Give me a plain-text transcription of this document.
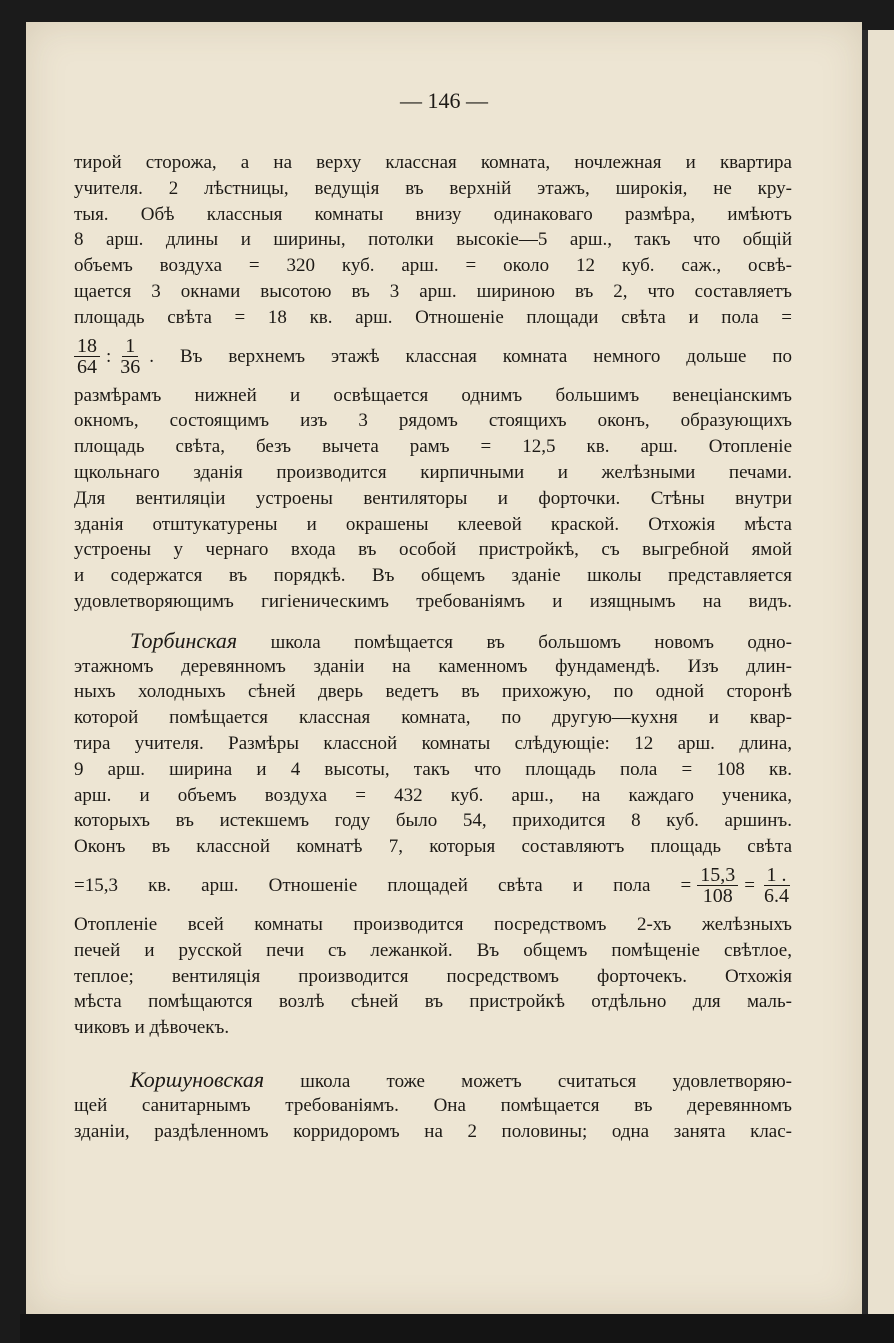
— 146 —
тирой сторожа, а на верху классная комната, ночлежная и квартира
учителя. 2 лѣстницы, ведущія въ верхній этажъ, широкія, не кру-
тыя. Обѣ классныя комнаты внизу одинаковаго размѣра, имѣютъ
8 арш. длины и ширины, потолки высокіе—5 арш., такъ что общій
объемъ воздуха = 320 куб. арш. = около 12 куб. саж., освѣ-
щается 3 окнами высотою въ 3 арш. шириною въ 2, что составляетъ
площадь свѣта = 18 кв. арш. Отношеніе площади свѣта и пола =
$\frac{18}{64}$ : $\frac{1}{36}$ . Въ верхнемъ этажѣ классная комната немного дольше по
размѣрамъ нижней и освѣщается однимъ большимъ венеціанскимъ
окномъ, состоящимъ изъ 3 рядомъ стоящихъ оконъ, образующихъ
площадь свѣта, безъ вычета рамъ = 12,5 кв. арш. Отопленіе
щкольнаго зданія производится кирпичными и желѣзными печами.
Для вентиляціи устроены вентиляторы и форточки. Стѣны внутри
зданія отштукатурены и окрашены клеевой краской. Отхожія мѣста
устроены у чернаго входа въ особой пристройкѣ, съ выгребной ямой
и содержатся въ порядкѣ. Въ общемъ зданіе школы представляется
удовлетворяющимъ гигіеническимъ требованіямъ и изящнымъ на видъ.
Торбинская школа помѣщается въ большомъ новомъ одно-
этажномъ деревянномъ зданіи на каменномъ фундамендѣ. Изъ длин-
ныхъ холодныхъ сѣней дверь ведетъ въ прихожую, по одной сторонѣ
которой помѣщается классная комната, по другую—кухня и квар-
тира учителя. Размѣры классной комнаты слѣдующіе: 12 арш. длина,
9 арш. ширина и 4 высоты, такъ что площадь пола = 108 кв.
арш. и объемъ воздуха = 432 куб. арш., на каждаго ученика,
которыхъ въ истекшемъ году было 54, приходится 8 куб. аршинъ.
Оконъ въ классной комнатѣ 7, которыя составляютъ площадь свѣта
=15,3 кв. арш. Отношеніе площадей свѣта и пола = $\frac{15,3}{108} = \frac{1 .}{6.4}$
Отопленіе всей комнаты производится посредствомъ 2-хъ желѣзныхъ
печей и русской печи съ лежанкой. Въ общемъ помѣщеніе свѣтлое,
теплое; вентиляція производится посредствомъ форточекъ. Отхожія
мѣста помѣщаются возлѣ сѣней въ пристройкѣ отдѣльно для маль-
чиковъ и дѣвочекъ.
Коршуновская школа тоже можетъ считаться удовлетворяю-
щей санитарнымъ требованіямъ. Она помѣщается въ деревянномъ
зданіи, раздѣленномъ корридоромъ на 2 половины; одна занята клас-
